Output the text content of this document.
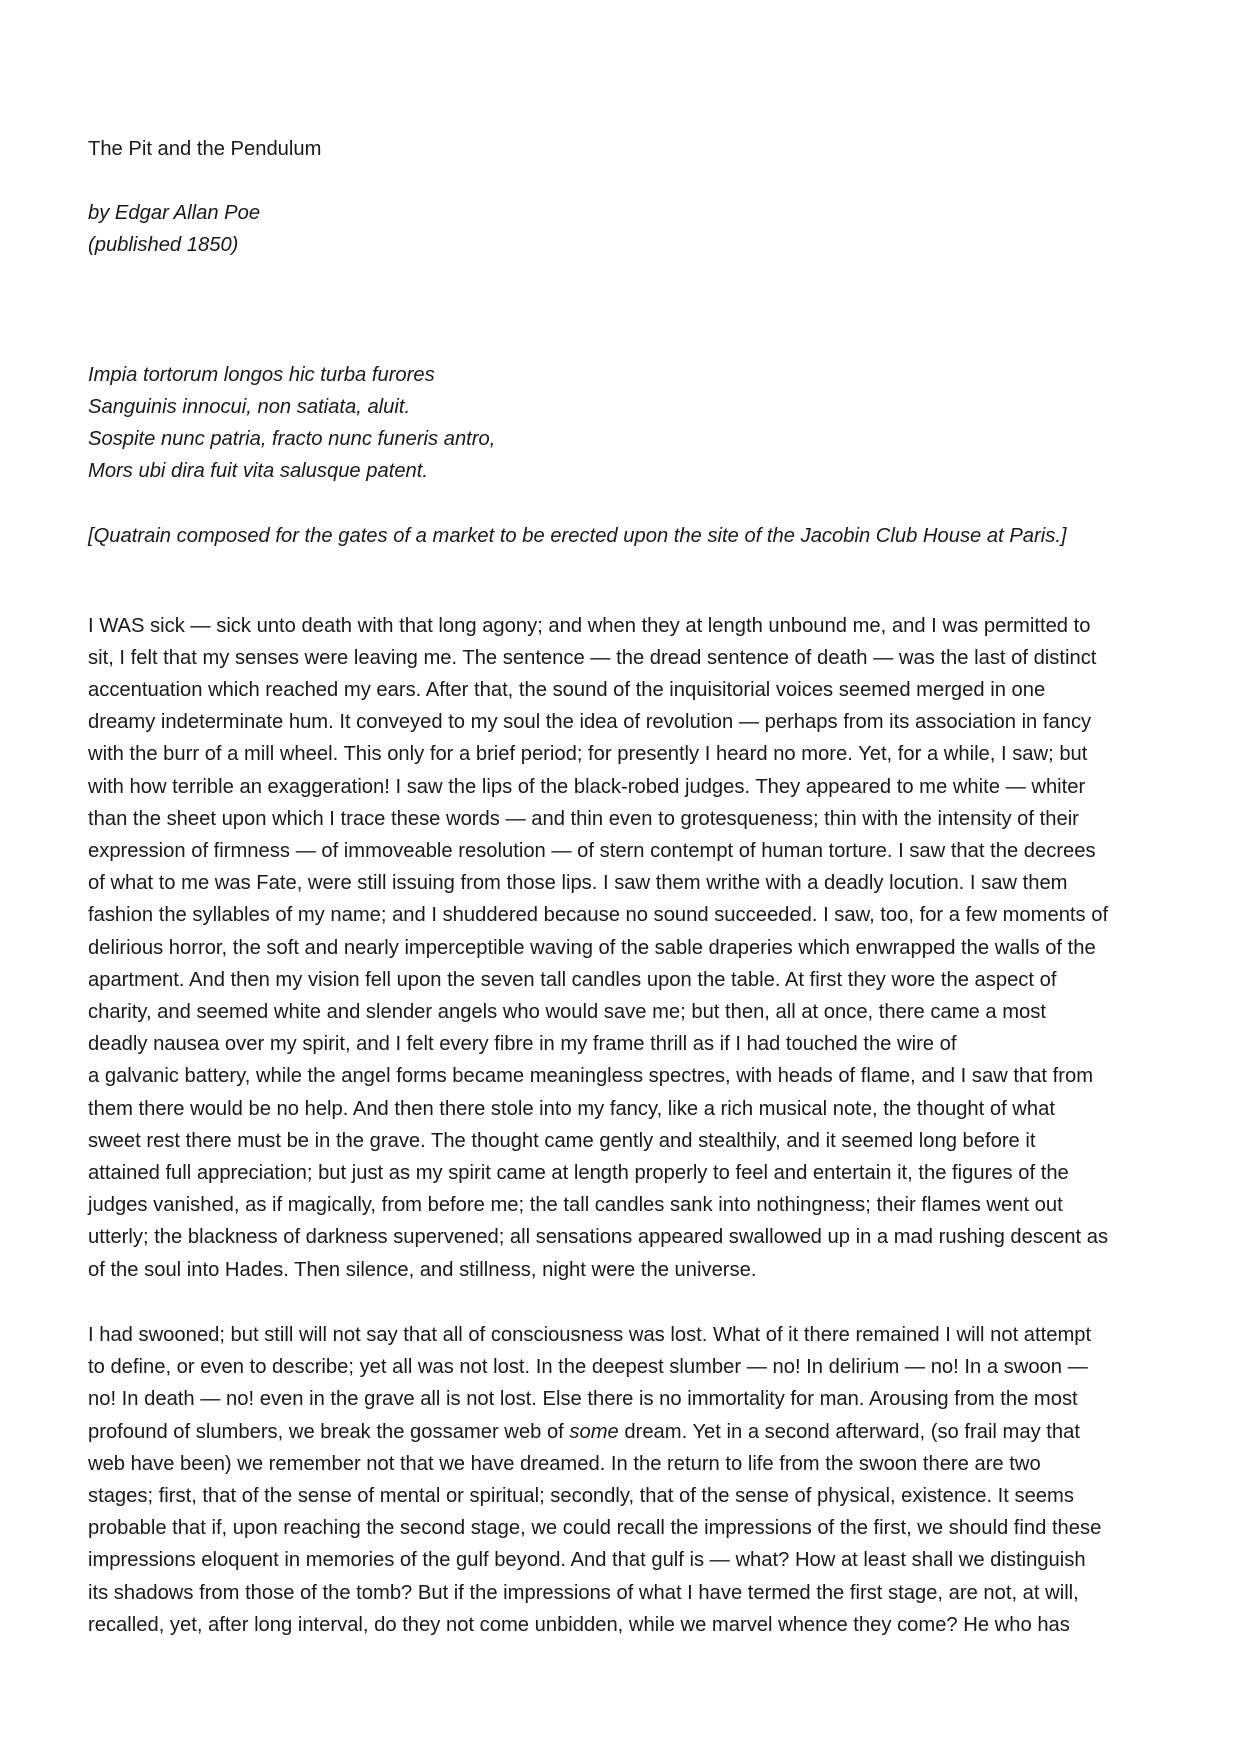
The Pit and the Pendulum
by Edgar Allan Poe
(published 1850)
Impia tortorum longos hic turba furores
Sanguinis innocui, non satiata, aluit.
Sospite nunc patria, fracto nunc funeris antro,
Mors ubi dira fuit vita salusque patent.
[Quatrain composed for the gates of a market to be erected upon the site of the Jacobin Club House at Paris.]
I WAS sick — sick unto death with that long agony; and when they at length unbound me, and I was permitted to
sit, I felt that my senses were leaving me. The sentence — the dread sentence of death — was the last of distinct
accentuation which reached my ears. After that, the sound of the inquisitorial voices seemed merged in one
dreamy indeterminate hum. It conveyed to my soul the idea of revolution — perhaps from its association in fancy
with the burr of a mill wheel. This only for a brief period; for presently I heard no more. Yet, for a while, I saw; but
with how terrible an exaggeration! I saw the lips of the black-robed judges. They appeared to me white — whiter
than the sheet upon which I trace these words — and thin even to grotesqueness; thin with the intensity of their
expression of firmness — of immoveable resolution — of stern contempt of human torture. I saw that the decrees
of what to me was Fate, were still issuing from those lips. I saw them writhe with a deadly locution. I saw them
fashion the syllables of my name; and I shuddered because no sound succeeded. I saw, too, for a few moments of
delirious horror, the soft and nearly imperceptible waving of the sable draperies which enwrapped the walls of the
apartment. And then my vision fell upon the seven tall candles upon the table. At first they wore the aspect of
charity, and seemed white and slender angels who would save me; but then, all at once, there came a most
deadly nausea over my spirit, and I felt every fibre in my frame thrill as if I had touched the wire of
a galvanic battery, while the angel forms became meaningless spectres, with heads of flame, and I saw that from
them there would be no help. And then there stole into my fancy, like a rich musical note, the thought of what
sweet rest there must be in the grave. The thought came gently and stealthily, and it seemed long before it
attained full appreciation; but just as my spirit came at length properly to feel and entertain it, the figures of the
judges vanished, as if magically, from before me; the tall candles sank into nothingness; their flames went out
utterly; the blackness of darkness supervened; all sensations appeared swallowed up in a mad rushing descent as
of the soul into Hades. Then silence, and stillness, night were the universe.
I had swooned; but still will not say that all of consciousness was lost. What of it there remained I will not attempt
to define, or even to describe; yet all was not lost. In the deepest slumber — no! In delirium — no! In a swoon —
no! In death — no! even in the grave all is not lost. Else there is no immortality for man. Arousing from the most
profound of slumbers, we break the gossamer web of some dream. Yet in a second afterward, (so frail may that
web have been) we remember not that we have dreamed. In the return to life from the swoon there are two
stages; first, that of the sense of mental or spiritual; secondly, that of the sense of physical, existence. It seems
probable that if, upon reaching the second stage, we could recall the impressions of the first, we should find these
impressions eloquent in memories of the gulf beyond. And that gulf is — what? How at least shall we distinguish
its shadows from those of the tomb? But if the impressions of what I have termed the first stage, are not, at will,
recalled, yet, after long interval, do they not come unbidden, while we marvel whence they come? He who has
